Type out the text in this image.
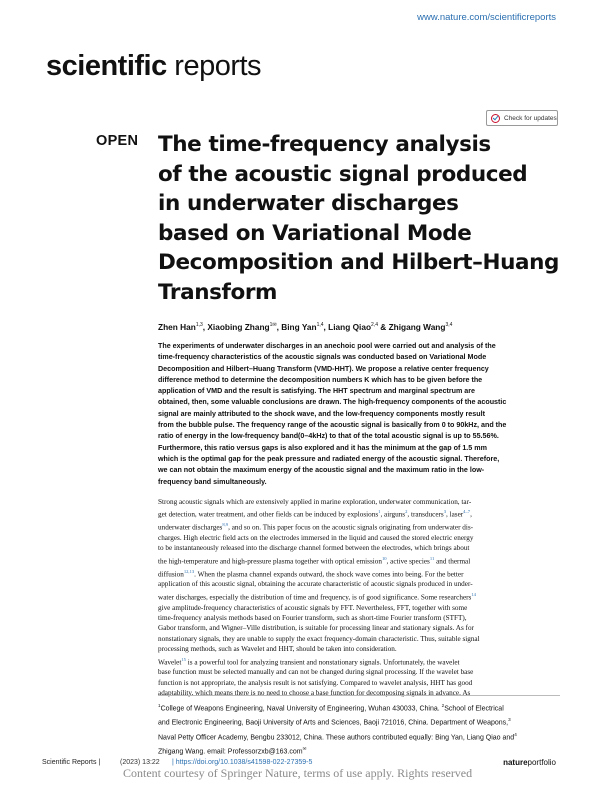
www.nature.com/scientificreports
scientific reports
Check for updates
OPEN The time-frequency analysis
of the acoustic signal produced
in underwater discharges
based on Variational Mode
Decomposition and Hilbert–Huang
Transform
Zhen Han$^{1,3}$, Xiaobing Zhang$^{1✉}$, Bing Yan$^{1,4}$, Liang Qiao$^{2,4}$ & Zhigang Wang$^{3,4}$
The experiments of underwater discharges in an anechoic pool were carried out and analysis of the
time-frequency characteristics of the acoustic signals was conducted based on Variational Mode
Decomposition and Hilbert–Huang Transform (VMD-HHT). We propose a relative center frequency
difference method to determine the decomposition numbers K which has to be given before the
application of VMD and the result is satisfying. The HHT spectrum and marginal spectrum are
obtained, then, some valuable conclusions are drawn. The high-frequency components of the acoustic
signal are mainly attributed to the shock wave, and the low-frequency components mostly result
from the bubble pulse. The frequency range of the acoustic signal is basically from 0 to 90kHz, and the
ratio of energy in the low-frequency band(0–4kHz) to that of the total acoustic signal is up to 55.56%.
Furthermore, this ratio versus gaps is also explored and it has the minimum at the gap of 1.5 mm
which is the optimal gap for the peak pressure and radiated energy of the acoustic signal. Therefore,
we can not obtain the maximum energy of the acoustic signal and the maximum ratio in the low-
frequency band simultaneously.
Strong acoustic signals which are extensively applied in marine exploration, underwater communication, tar-
get detection, water treatment, and other fields can be induced by explosions$^1$, airguns$^2$, transducers$^3$, laser$^{4-7}$,
underwater discharges$^{8,9}$, and so on. This paper focus on the acoustic signals originating from underwater dis-
charges. High electric field acts on the electrodes immersed in the liquid and caused the stored electric energy
to be instantaneously released into the discharge channel formed between the electrodes, which brings about
the high-temperature and high-pressure plasma together with optical emission$^{10}$, active species$^{11}$ and thermal
diffusion$^{12,13}$. When the plasma channel expands outward, the shock wave comes into being. For the better
application of this acoustic signal, obtaining the accurate characteristic of acoustic signals produced in under-
water discharges, especially the distribution of time and frequency, is of good significance. Some researchers$^{14}$
give amplitude-frequency characteristics of acoustic signals by FFT. Nevertheless, FFT, together with some
time-frequency analysis methods based on Fourier transform, such as short-time Fourier transform (STFT),
Gabor transform, and Wigner–Ville distribution, is suitable for processing linear and stationary signals. As for
nonstationary signals, they are unable to supply the exact frequency-domain characteristic. Thus, suitable signal
processing methods, such as Wavelet and HHT, should be taken into consideration.
Wavelet$^{15}$ is a powerful tool for analyzing transient and nonstationary signals. Unfortunately, the wavelet
base function must be selected manually and can not be changed during signal processing. If the wavelet base
function is not appropriate, the analysis result is not satisfying. Compared to wavelet analysis, HHT has good
adaptability, which means there is no need to choose a base function for decomposing signals in advance. As
$^1$College of Weapons Engineering, Naval University of Engineering, Wuhan 430033, China. $^2$School of Electrical
and Electronic Engineering, Baoji University of Arts and Sciences, Baoji 721016, China. Department of Weapons,$^3$
Naval Petty Officer Academy, Bengbu 233012, China. These authors contributed equally: Bing Yan, Liang Qiao and$^4$
Zhigang Wang. email: Professorzxb@163.com✉
Scientific Reports |	(2023) 13:22 | https://doi.org/10.1038/s41598-022-27359-5	natureportfolio
Content courtesy of Springer Nature, terms of use apply. Rights reserved
